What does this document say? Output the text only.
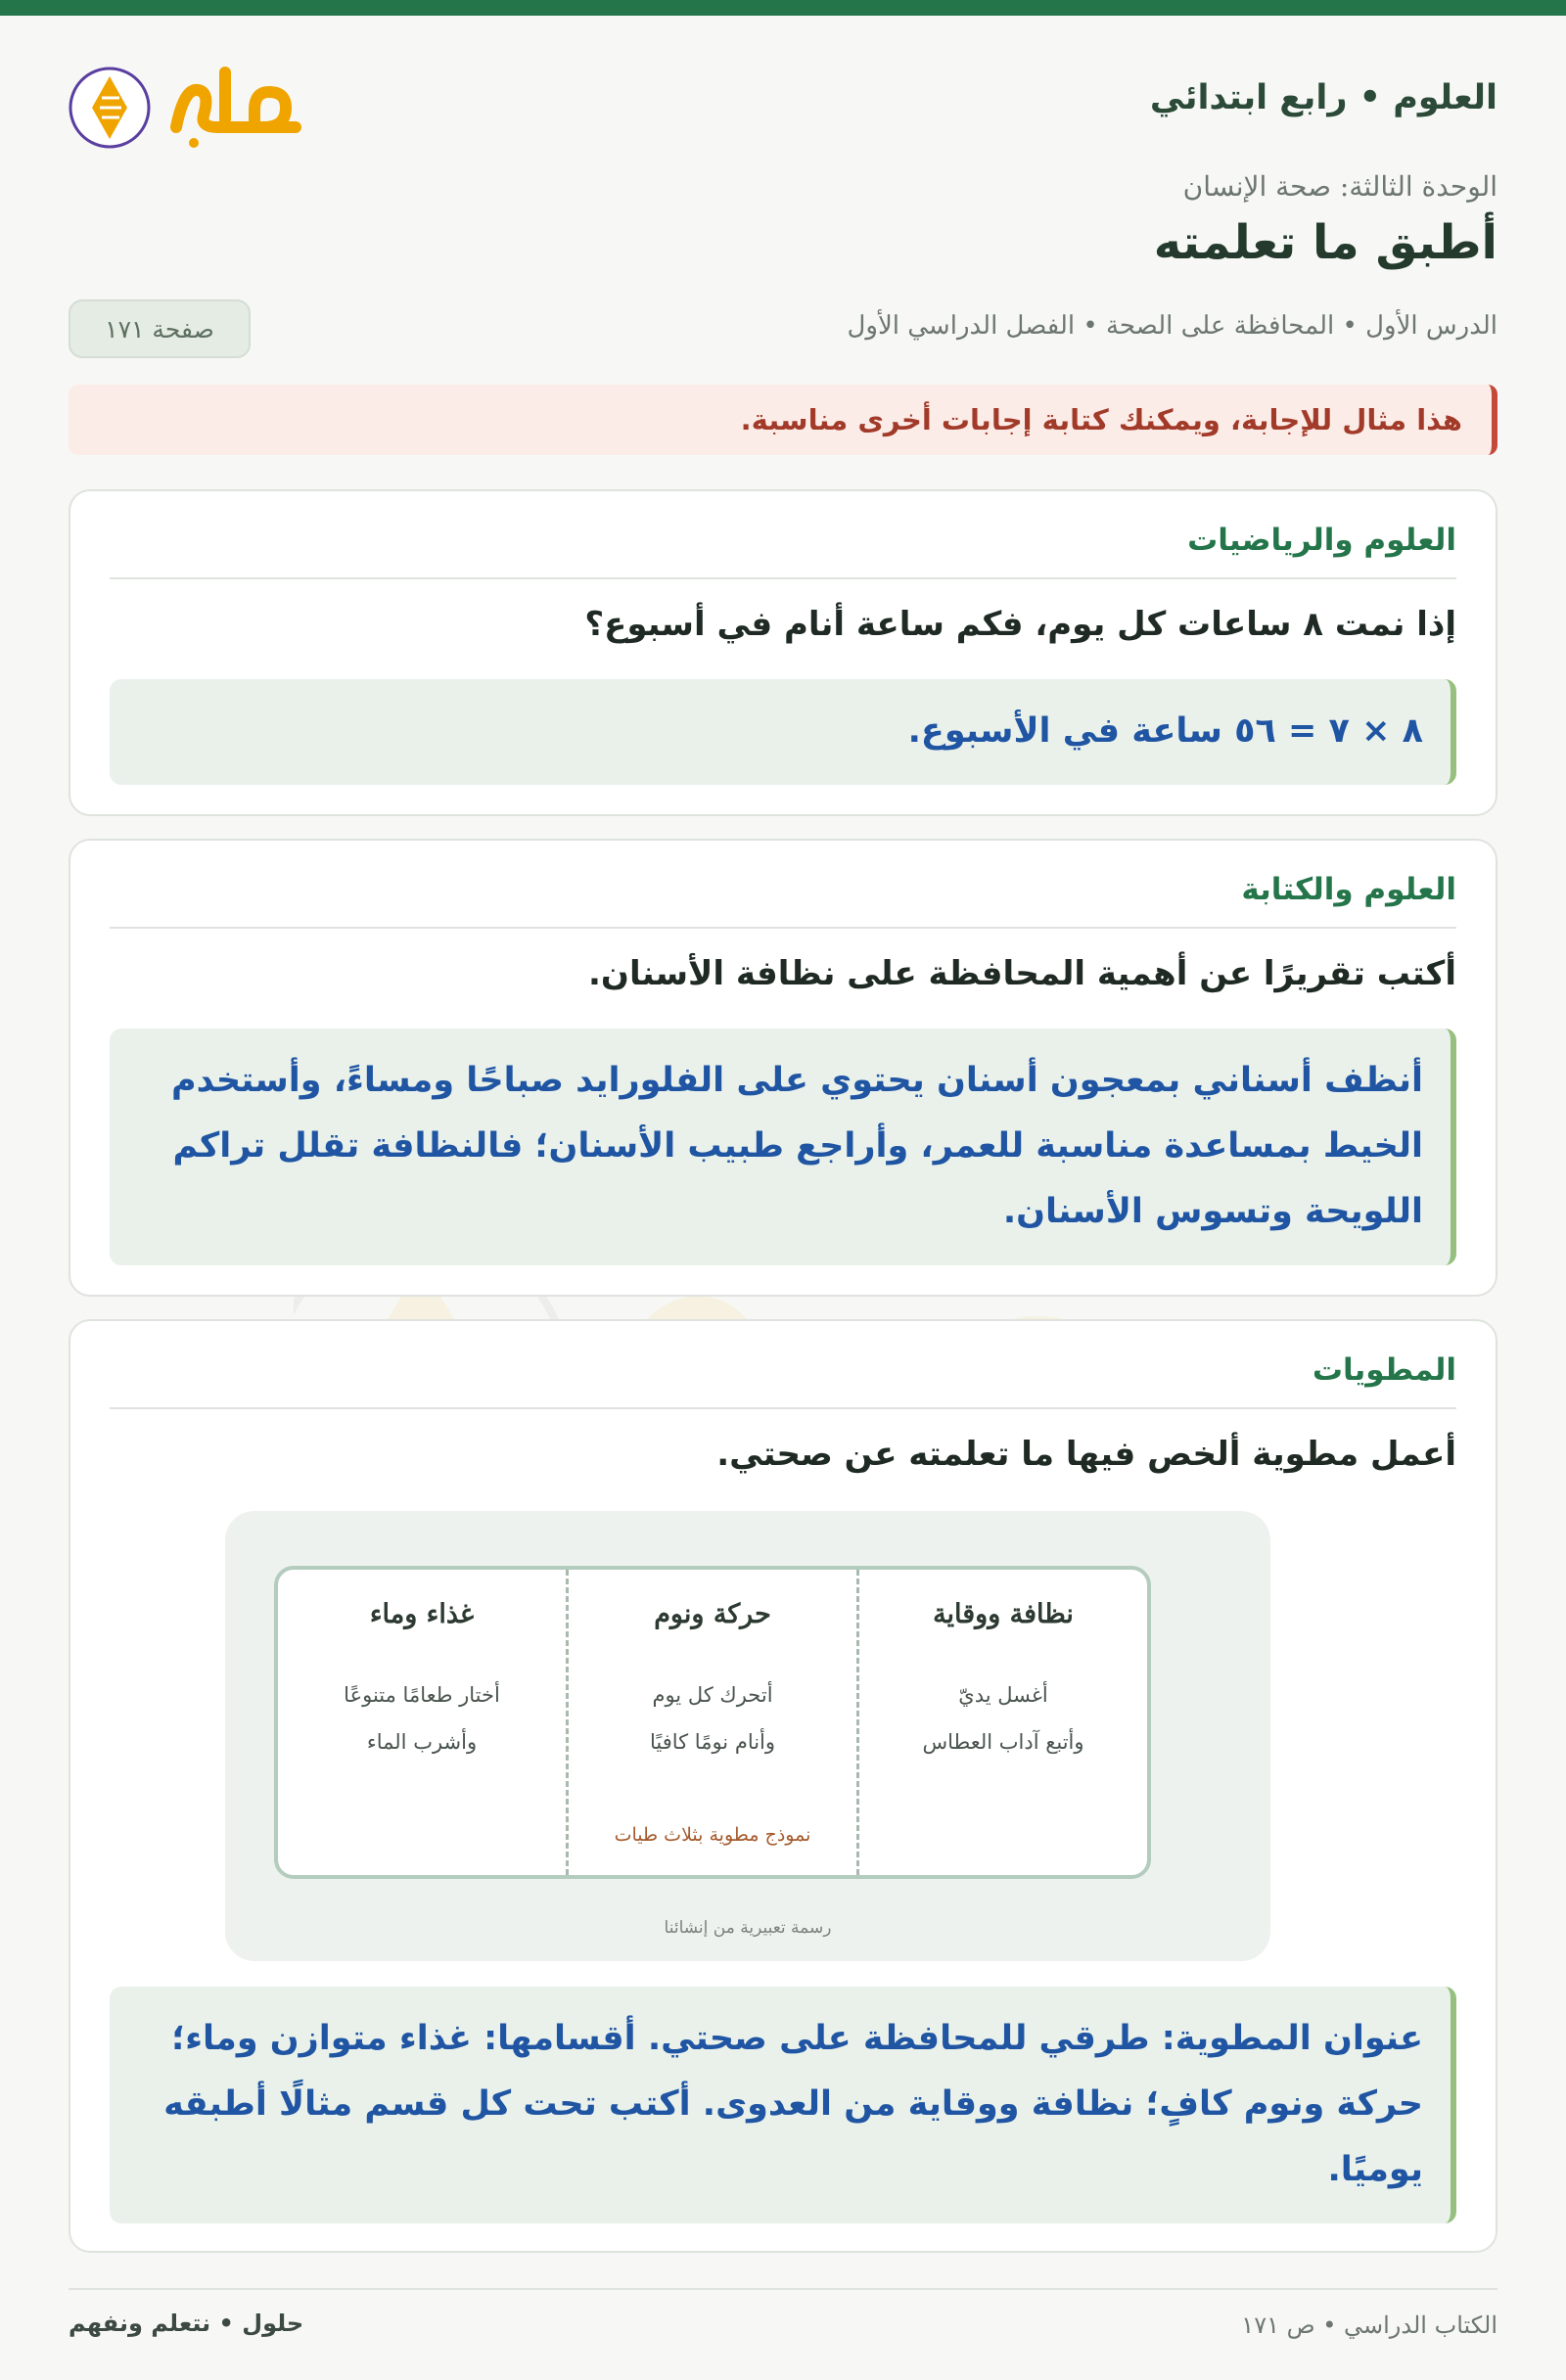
العلوم • رابع ابتدائي
الوحدة الثالثة: صحة الإنسان
أطبق ما تعلمته
الدرس الأول • المحافظة على الصحة • الفصل الدراسي الأول
صفحة ١٧١
هذا مثال للإجابة، ويمكنك كتابة إجابات أخرى مناسبة.
العلوم والرياضيات
إذا نمت ٨ ساعات كل يوم، فكم ساعة أنام في أسبوع؟
٨ × ٧ = ٥٦ ساعة في الأسبوع.
العلوم والكتابة
أكتب تقريرًا عن أهمية المحافظة على نظافة الأسنان.
أنظف أسناني بمعجون أسنان يحتوي على الفلورايد صباحًا ومساءً، وأستخدم الخيط بمساعدة مناسبة للعمر، وأراجع طبيب الأسنان؛ فالنظافة تقلل تراكم اللويحة وتسوس الأسنان.
المطويات
أعمل مطوية ألخص فيها ما تعلمته عن صحتي.
عنوان المطوية: طرقي للمحافظة على صحتي. أقسامها: غذاء متوازن وماء؛ حركة ونوم كافٍ؛ نظافة ووقاية من العدوى. أكتب تحت كل قسم مثالًا أطبقه يوميًا.
نظافة ووقاية
أغسل يديّ
وأتبع آداب العطاس
حركة ونوم
أتحرك كل يوم
وأنام نومًا كافيًا
نموذج مطوية بثلاث طيات
غذاء وماء
أختار طعامًا متنوعًا
وأشرب الماء
رسمة تعبيرية من إنشائنا
الكتاب الدراسي • ص ١٧١
حلول • نتعلم ونفهم
